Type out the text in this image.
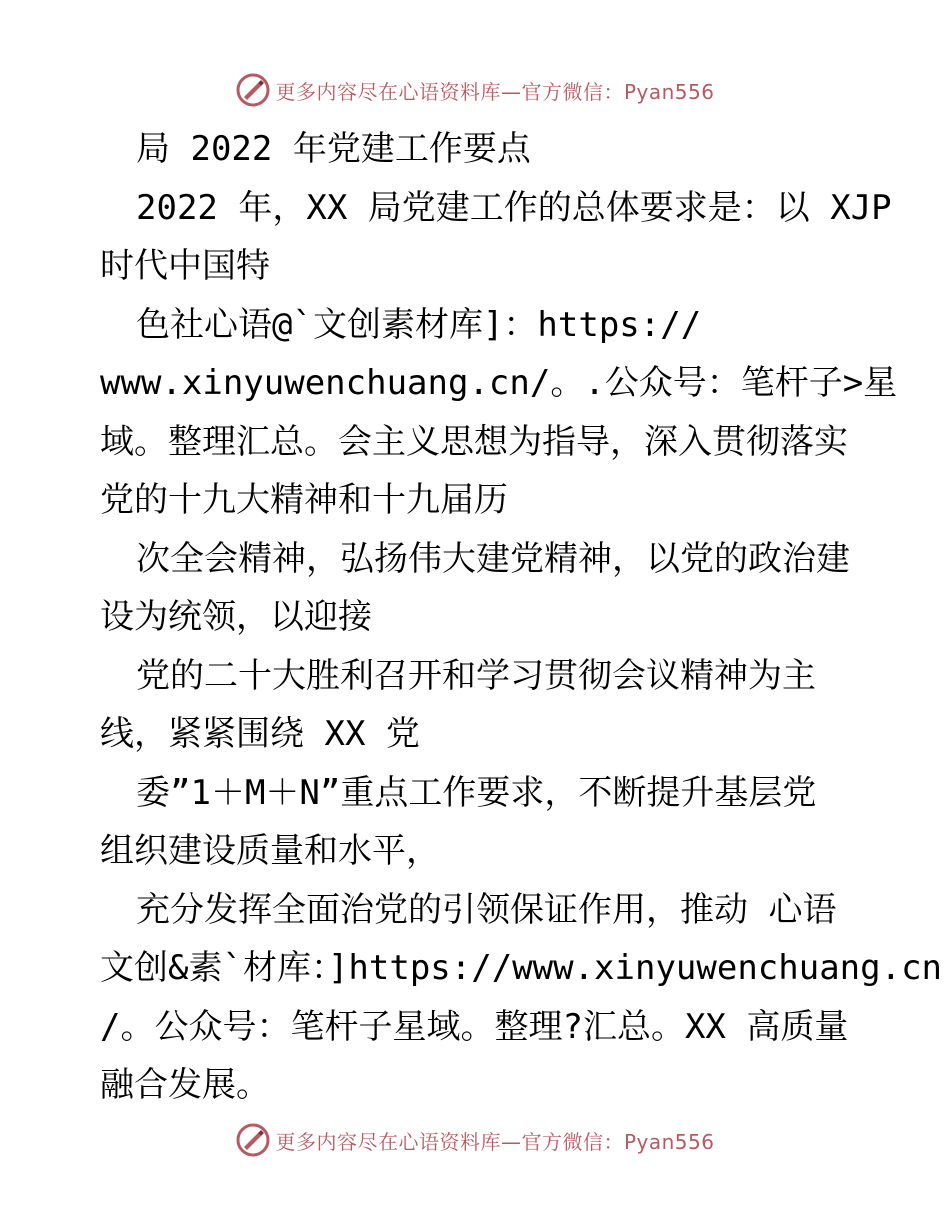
更多内容尽在心语资料库—官方微信：Pyan556
局 2022 年党建工作要点
2022 年，XX 局党建工作的总体要求是：以 XJP
时代中国特
色社心语@`文创素材库]：https://
www.xinyuwenchuang.cn/。.公众号：笔杆子>星
域。整理汇总。会主义思想为指导，深入贯彻落实
党的十九大精神和十九届历
次全会精神，弘扬伟大建党精神，以党的政治建
设为统领，以迎接
党的二十大胜利召开和学习贯彻会议精神为主
线，紧紧围绕 XX 党
委”1＋M＋N”重点工作要求，不断提升基层党
组织建设质量和水平，
充分发挥全面治党的引领保证作用，推动 心语
文创&素`材库：]https://www.xinyuwenchuang.cn
/。公众号：笔杆子星域。整理?汇总。XX 高质量
融合发展。
更多内容尽在心语资料库—官方微信：Pyan556
